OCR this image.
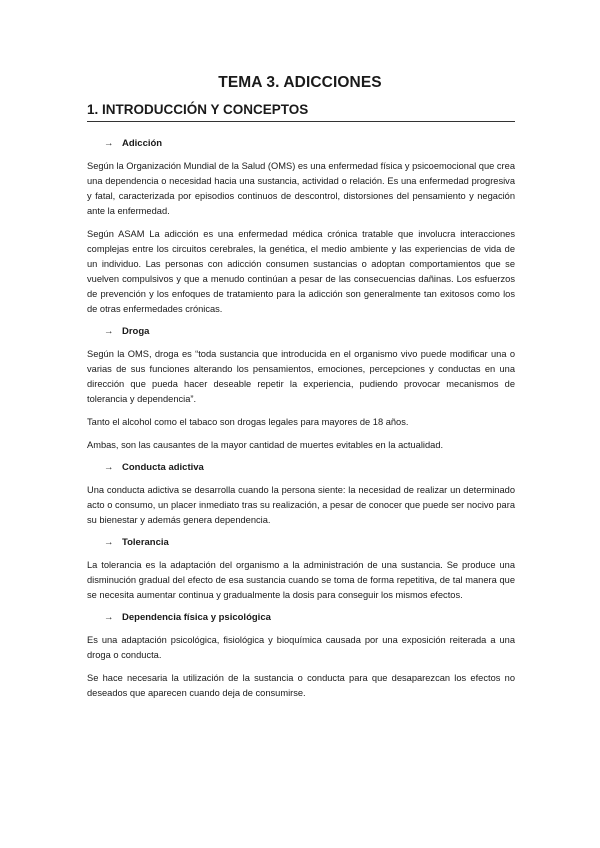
TEMA 3. ADICCIONES
1. INTRODUCCIÓN Y CONCEPTOS
→ Adicción

Según la Organización Mundial de la Salud (OMS) es una enfermedad física y psicoemocional que crea una dependencia o necesidad hacia una sustancia, actividad o relación. Es una enfermedad progresiva y fatal, caracterizada por episodios continuos de descontrol, distorsiones del pensamiento y negación ante la enfermedad.

Según ASAM La adicción es una enfermedad médica crónica tratable que involucra interacciones complejas entre los circuitos cerebrales, la genética, el medio ambiente y las experiencias de vida de un individuo. Las personas con adicción consumen sustancias o adoptan comportamientos que se vuelven compulsivos y que a menudo continúan a pesar de las consecuencias dañinas. Los esfuerzos de prevención y los enfoques de tratamiento para la adicción son generalmente tan exitosos como los de otras enfermedades crónicas.

→ Droga

Según la OMS, droga es “toda sustancia que introducida en el organismo vivo puede modificar una o varias de sus funciones alterando los pensamientos, emociones, percepciones y conductas en una dirección que pueda hacer deseable repetir la experiencia, pudiendo provocar mecanismos de tolerancia y dependencia”.

Tanto el alcohol como el tabaco son drogas legales para mayores de 18 años.

Ambas, son las causantes de la mayor cantidad de muertes evitables en la actualidad.

→ Conducta adictiva

Una conducta adictiva se desarrolla cuando la persona siente: la necesidad de realizar un determinado acto o consumo, un placer inmediato tras su realización, a pesar de conocer que puede ser nocivo para su bienestar y además genera dependencia.

→ Tolerancia

La tolerancia es la adaptación del organismo a la administración de una sustancia. Se produce una disminución gradual del efecto de esa sustancia cuando se toma de forma repetitiva, de tal manera que se necesita aumentar continua y gradualmente la dosis para conseguir los mismos efectos.

→ Dependencia física y psicológica

Es una adaptación psicológica, fisiológica y bioquímica causada por una exposición reiterada a una droga o conducta.

Se hace necesaria la utilización de la sustancia o conducta para que desaparezcan los efectos no deseados que aparecen cuando deja de consumirse.
